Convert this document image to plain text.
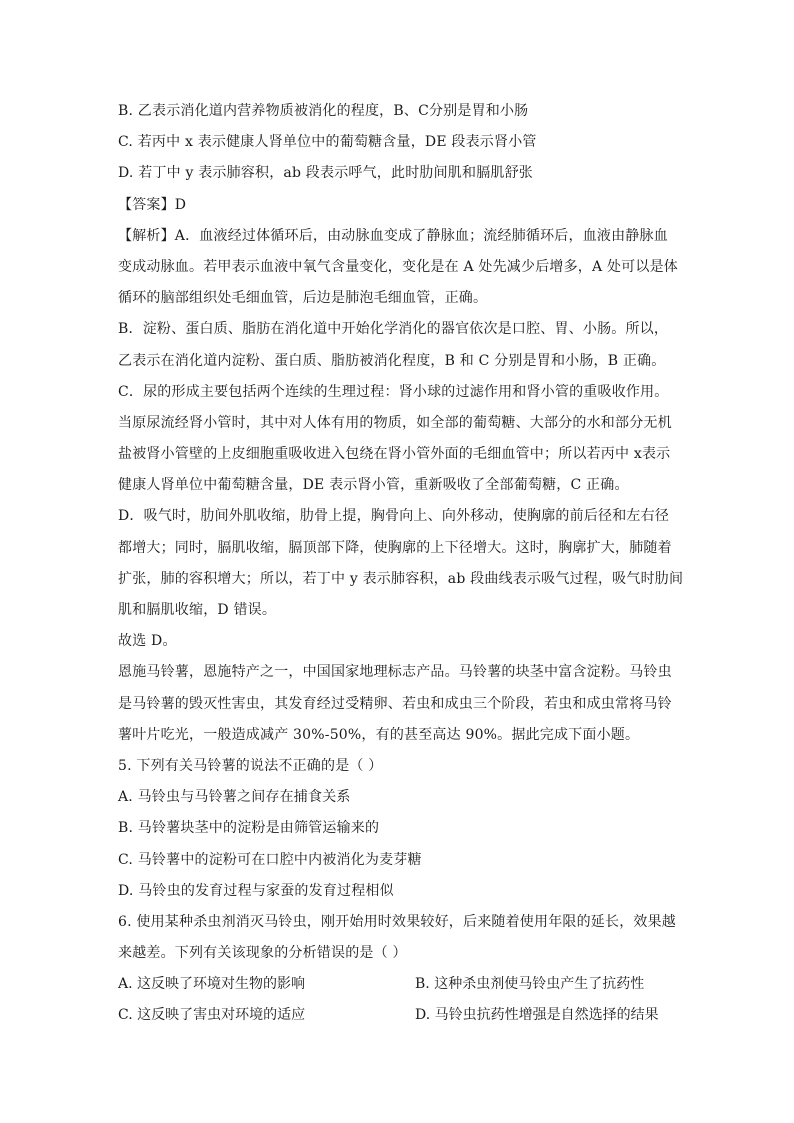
B. 乙表示消化道内营养物质被消化的程度，B、C分别是胃和小肠
C. 若丙中 x 表示健康人肾单位中的葡萄糖含量，DE 段表示肾小管
D. 若丁中 y 表示肺容积，ab 段表示呼气，此时肋间肌和膈肌舒张
【答案】D
【解析】A．血液经过体循环后，由动脉血变成了静脉血；流经肺循环后，血液由静脉血
变成动脉血。若甲表示血液中氧气含量变化，变化是在 A 处先减少后增多，A 处可以是体
循环的脑部组织处毛细血管，后边是肺泡毛细血管，正确。
B．淀粉、蛋白质、脂肪在消化道中开始化学消化的器官依次是口腔、胃、小肠。所以，
乙表示在消化道内淀粉、蛋白质、脂肪被消化程度，B 和 C 分别是胃和小肠，B 正确。
C．尿的形成主要包括两个连续的生理过程：肾小球的过滤作用和肾小管的重吸收作用。
当原尿流经肾小管时，其中对人体有用的物质，如全部的葡萄糖、大部分的水和部分无机
盐被肾小管壁的上皮细胞重吸收进入包绕在肾小管外面的毛细血管中；所以若丙中 x表示
健康人肾单位中葡萄糖含量，DE 表示肾小管，重新吸收了全部葡萄糖，C 正确。
D．吸气时，肋间外肌收缩，肋骨上提，胸骨向上、向外移动，使胸廓的前后径和左右径
都增大；同时，膈肌收缩，膈顶部下降，使胸廓的上下径增大。这时，胸廓扩大，肺随着
扩张，肺的容积增大；所以，若丁中 y 表示肺容积，ab 段曲线表示吸气过程，吸气时肋间
肌和膈肌收缩，D 错误。
故选 D。
恩施马铃薯，恩施特产之一，中国国家地理标志产品。马铃薯的块茎中富含淀粉。马铃虫
是马铃薯的毁灭性害虫，其发育经过受精卵、若虫和成虫三个阶段，若虫和成虫常将马铃
薯叶片吃光，一般造成减产 30%-50%，有的甚至高达 90%。据此完成下面小题。
5. 下列有关马铃薯的说法不正确的是（ ）
A. 马铃虫与马铃薯之间存在捕食关系
B. 马铃薯块茎中的淀粉是由筛管运输来的
C. 马铃薯中的淀粉可在口腔中内被消化为麦芽糖
D. 马铃虫的发育过程与家蚕的发育过程相似
6. 使用某种杀虫剂消灭马铃虫，刚开始用时效果较好，后来随着使用年限的延长，效果越
来越差。下列有关该现象的分析错误的是（ ）
A. 这反映了环境对生物的影响	B. 这种杀虫剂使马铃虫产生了抗药性
C. 这反映了害虫对环境的适应	D. 马铃虫抗药性增强是自然选择的结果
